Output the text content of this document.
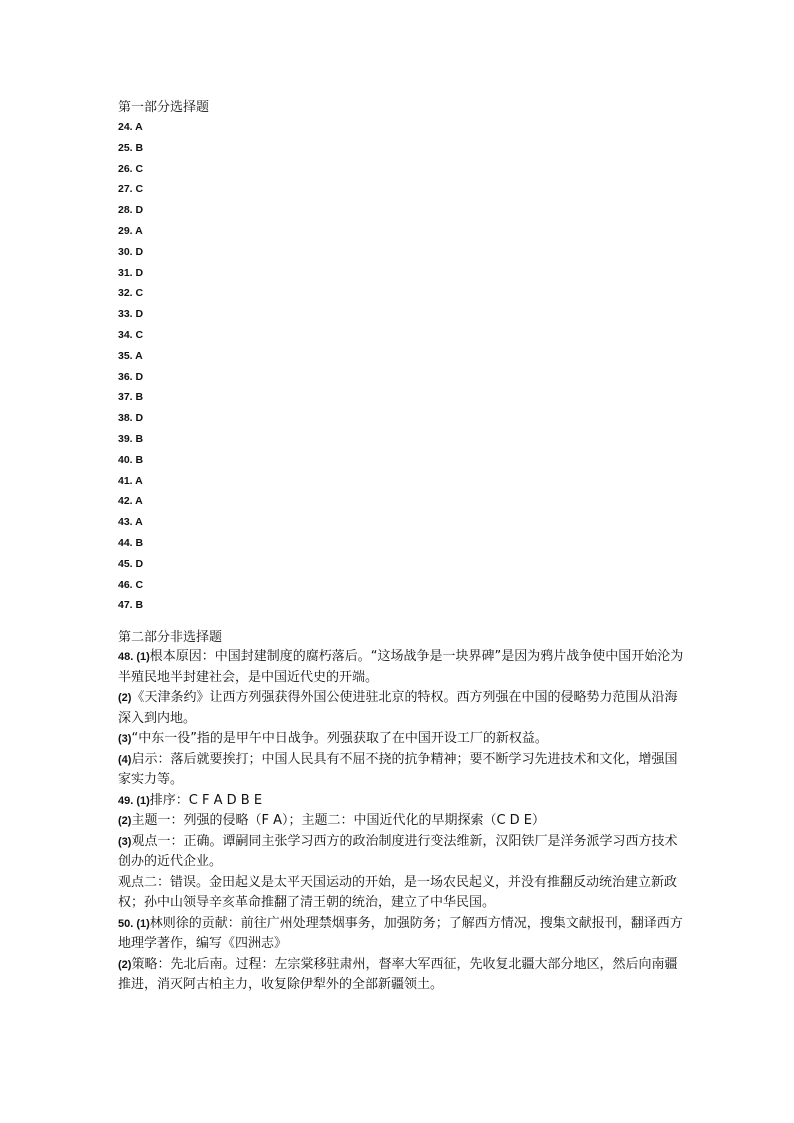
第一部分选择题
24. A
25. B
26. C
27. C
28. D
29. A
30. D
31. D
32. C
33. D
34. C
35. A
36. D
37. B
38. D
39. B
40. B
41. A
42. A
43. A
44. B
45. D
46. C
47. B
第二部分非选择题

48. (1)根本原因：中国封建制度的腐朽落后。“这场战争是一块界碑”是因为鸦片战争使中国开始沦为半殖民地半封建社会，是中国近代史的开端。

(2)《天津条约》让西方列强获得外国公使进驻北京的特权。西方列强在中国的侵略势力范围从沿海深入到内地。

(3)“中东一役”指的是甲午中日战争。列强获取了在中国开设工厂的新权益。

(4)启示：落后就要挨打；中国人民具有不屈不挠的抗争精神；要不断学习先进技术和文化，增强国家实力等。

49. (1)排序：C F A D B E

(2)主题一：列强的侵略（F A）；主题二：中国近代化的早期探索（C D E）

(3)观点一：正确。谭嗣同主张学习西方的政治制度进行变法维新，汉阳铁厂是洋务派学习西方技术创办的近代企业。

观点二：错误。金田起义是太平天国运动的开始，是一场农民起义，并没有推翻反动统治建立新政权；孙中山领导辛亥革命推翻了清王朝的统治，建立了中华民国。

50. (1)林则徐的贡献：前往广州处理禁烟事务，加强防务；了解西方情况，搜集文献报刊，翻译西方地理学著作，编写《四洲志》

(2)策略：先北后南。过程：左宗棠移驻肃州，督率大军西征，先收复北疆大部分地区，然后向南疆推进，消灭阿古柏主力，收复除伊犁外的全部新疆领土。
